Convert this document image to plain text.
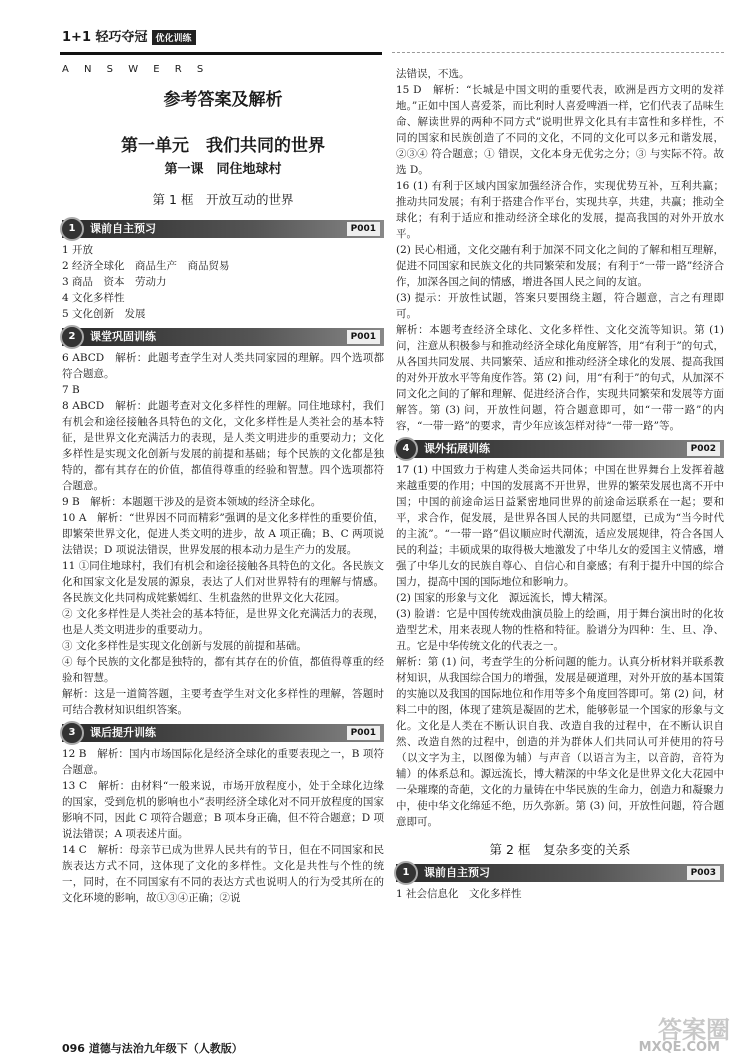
1+1 轻巧夺冠 优化训练
A N S W E R S
参考答案及解析
第一单元　我们共同的世界
第一课　同住地球村
第 1 框　开放互动的世界
1	课前自主预习	P001

1 开放

2 经济全球化　商品生产　商品贸易

3 商品　资本　劳动力

4 文化多样性

5 文化创新　发展

2	课堂巩固训练	P001

6 ABCD　解析：此题考查学生对人类共同家园的理解。四个选项都符合题意。

7 B

8 ABCD　解析：此题考查对文化多样性的理解。同住地球村，我们有机会和途径接触各具特色的文化，文化多样性是人类社会的基本特征，是世界文化充满活力的表现，是人类文明进步的重要动力；文化多样性是实现文化创新与发展的前提和基础；每个民族的文化都是独特的，都有其存在的价值，都值得尊重的经验和智慧。四个选项都符合题意。

9 B　解析：本题题干涉及的是资本领域的经济全球化。

10 A　解析：“世界因不同而精彩”强调的是文化多样性的重要价值，即繁荣世界文化，促进人类文明的进步，故 A 项正确；B、C 两项说法错误；D 项说法错误，世界发展的根本动力是生产力的发展。

11 ①同住地球村，我们有机会和途径接触各具特色的文化。各民族文化和国家文化是发展的源泉，表达了人们对世界特有的理解与情感。各民族文化共同构成姹紫嫣红、生机盎然的世界文化大花园。

② 文化多样性是人类社会的基本特征，是世界文化充满活力的表现，也是人类文明进步的重要动力。

③ 文化多样性是实现文化创新与发展的前提和基础。

④ 每个民族的文化都是独特的，都有其存在的价值，都值得尊重的经验和智慧。

解析：这是一道简答题，主要考查学生对文化多样性的理解，答题时可结合教材知识组织答案。

3	课后提升训练	P001

12 B　解析：国内市场国际化是经济全球化的重要表现之一，B 项符合题意。

13 C　解析：由材料“一般来说，市场开放程度小，处于全球化边缘的国家，受到危机的影响也小”表明经济全球化对不同开放程度的国家影响不同，因此 C 项符合题意；B 项本身正确，但不符合题意；D 项说法错误；A 项表述片面。

14 C　解析：母亲节已成为世界人民共有的节日，但在不同国家和民族表达方式不同，这体现了文化的多样性。文化是共性与个性的统一，同时，在不同国家有不同的表达方式也说明人的行为受其所在的文化环境的影响，故①③④正确；②说

法错误，不选。

15 D　解析：“长城是中国文明的重要代表，欧洲是西方文明的发祥地。”正如中国人喜爱茶，而比利时人喜爱啤酒一样，它们代表了品味生命、解读世界的两种不同方式”说明世界文化具有丰富性和多样性，不同的国家和民族创造了不同的文化，不同的文化可以多元和谐发展，②③④ 符合题意；① 错误，文化本身无优劣之分；③ 与实际不符。故选 D。

16 (1) 有利于区域内国家加强经济合作，实现优势互补，互利共赢；推动共同发展；有利于搭建合作平台，实现共享，共建，共赢；推动全球化；有利于适应和推动经济全球化的发展，提高我国的对外开放水平。

(2) 民心相通，文化交融有利于加深不同文化之间的了解和相互理解，促进不同国家和民族文化的共同繁荣和发展；有利于“一带一路”经济合作，加深各国之间的情感，增进各国人民之间的友谊。

(3) 提示：开放性试题，答案只要围绕主题，符合题意，言之有理即可。

解析：本题考查经济全球化、文化多样性、文化交流等知识。第 (1) 问，注意从积极参与和推动经济全球化角度解答，用“有利于”的句式，从各国共同发展、共同繁荣、适应和推动经济全球化的发展、提高我国的对外开放水平等角度作答。第 (2) 问，用“有利于”的句式，从加深不同文化之间的了解和理解、促进经济合作，实现共同繁荣和发展等方面解答。第 (3) 问，开放性问题，符合题意即可，如“一带一路”的内容，“一带一路”的要求，青少年应该怎样对待“一带一路”等。

4	课外拓展训练	P002

17 (1) 中国致力于构建人类命运共同体；中国在世界舞台上发挥着越来越重要的作用；中国的发展离不开世界，世界的繁荣发展也离不开中国；中国的前途命运日益紧密地同世界的前途命运联系在一起；要和平，求合作，促发展，是世界各国人民的共同愿望，已成为“当今时代的主流”。“一带一路”倡议顺应时代潮流，适应发展规律，符合各国人民的利益；丰硕成果的取得极大地激发了中华儿女的爱国主义情感，增强了中华儿女的民族自尊心、自信心和自豪感；有利于提升中国的综合国力，提高中国的国际地位和影响力。

(2) 国家的形象与文化　源远流长，博大精深。

(3) 脸谱：它是中国传统戏曲演员脸上的绘画，用于舞台演出时的化妆造型艺术，用来表现人物的性格和特征。脸谱分为四种：生、旦、净、丑。它是中华传统文化的代表之一。

解析：第 (1) 问，考查学生的分析问题的能力。认真分析材料并联系教材知识，从我国综合国力的增强，发展是硬道理，对外开放的基本国策的实施以及我国的国际地位和作用等多个角度回答即可。第 (2) 问，材料二中的图，体现了建筑是凝固的艺术，能够彰显一个国家的形象与文化。文化是人类在不断认识自我、改造自我的过程中，在不断认识自然、改造自然的过程中，创造的并为群体人们共同认可并使用的符号（以文字为主，以图像为辅）与声音（以语言为主，以音韵，音符为辅）的体系总和。源远流长，博大精深的中华文化是世界文化大花园中一朵璀璨的奇葩，文化的力量铸在中华民族的生命力，创造力和凝聚力中，使中华文化绵延不绝，历久弥新。第 (3) 问，开放性问题，符合题意即可。

第 2 框　复杂多变的关系
1	课前自主预习	P003

1 社会信息化　文化多样性

096 道德与法治九年级下（人教版）
答案圈
MXQE.COM
